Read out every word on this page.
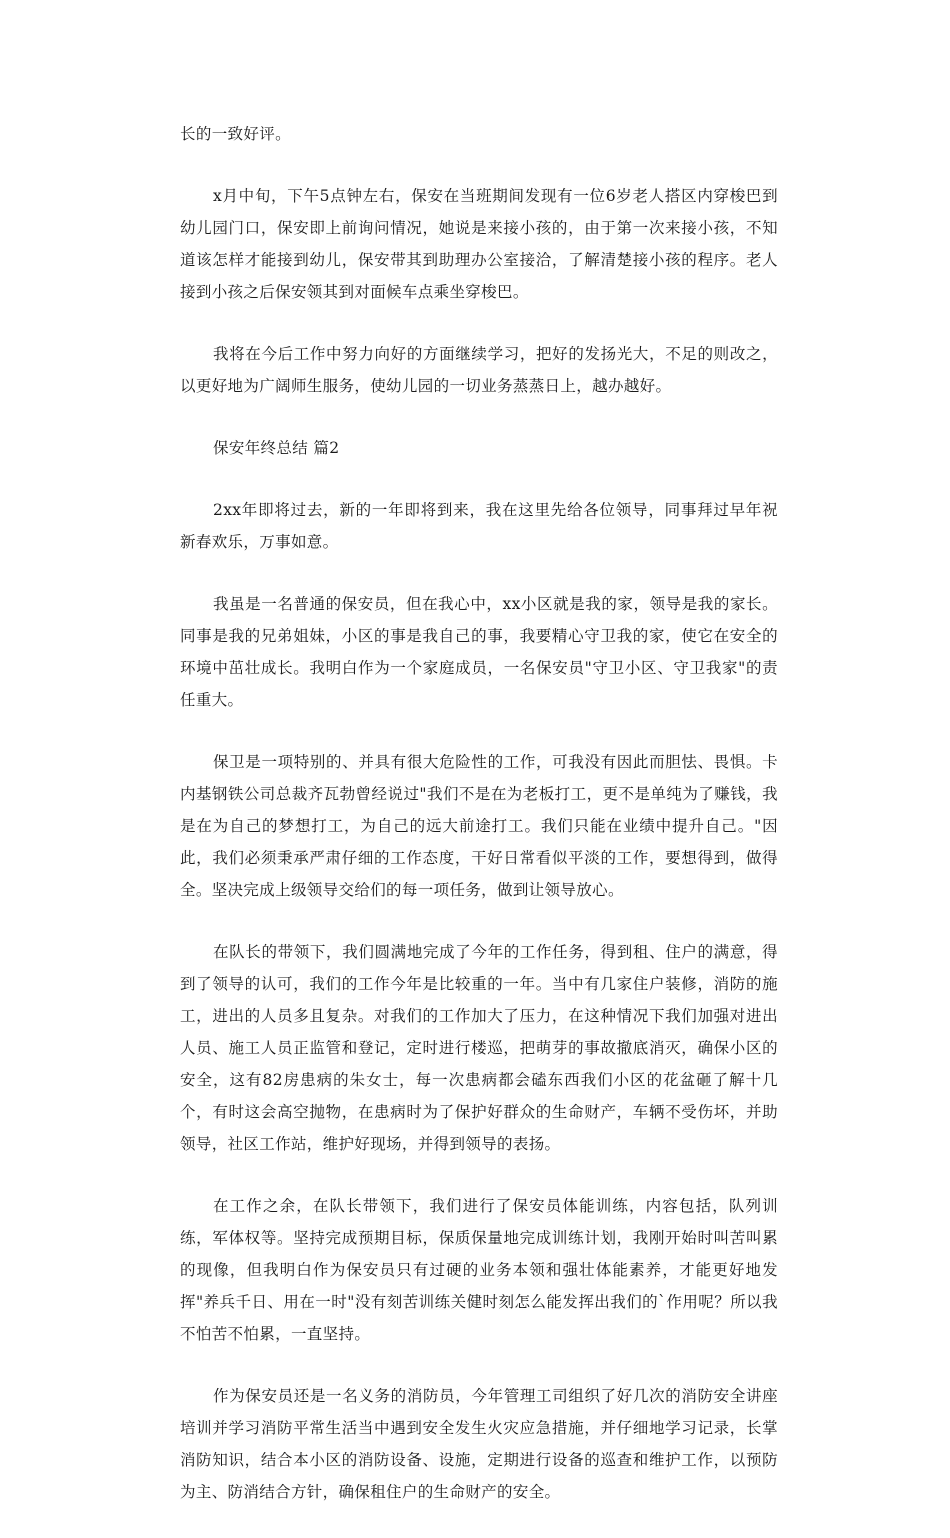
长的一致好评。

x月中旬，下午5点钟左右，保安在当班期间发现有一位6岁老人搭区内穿梭巴到幼儿园门口，保安即上前询问情况，她说是来接小孩的，由于第一次来接小孩，不知道该怎样才能接到幼儿，保安带其到助理办公室接洽，了解清楚接小孩的程序。老人接到小孩之后保安领其到对面候车点乘坐穿梭巴。

我将在今后工作中努力向好的方面继续学习，把好的发扬光大，不足的则改之，以更好地为广阔师生服务，使幼儿园的一切业务蒸蒸日上，越办越好。

保安年终总结 篇2

2xx年即将过去，新的一年即将到来，我在这里先给各位领导，同事拜过早年祝新春欢乐，万事如意。

我虽是一名普通的保安员，但在我心中，xx小区就是我的家，领导是我的家长。同事是我的兄弟姐妹，小区的事是我自己的事，我要精心守卫我的家，使它在安全的环境中茁壮成长。我明白作为一个家庭成员，一名保安员"守卫小区、守卫我家"的责任重大。

保卫是一项特别的、并具有很大危险性的工作，可我没有因此而胆怯、畏惧。卡内基钢铁公司总裁齐瓦勃曾经说过"我们不是在为老板打工，更不是单纯为了赚钱，我是在为自己的梦想打工，为自己的远大前途打工。我们只能在业绩中提升自己。"因此，我们必须秉承严肃仔细的工作态度，干好日常看似平淡的工作，要想得到，做得全。坚决完成上级领导交给们的每一项任务，做到让领导放心。

在队长的带领下，我们圆满地完成了今年的工作任务，得到租、住户的满意，得到了领导的认可，我们的工作今年是比较重的一年。当中有几家住户装修，消防的施工，进出的人员多且复杂。对我们的工作加大了压力，在这种情况下我们加强对进出人员、施工人员正监管和登记，定时进行楼巡，把萌芽的事故撤底消灭，确保小区的安全，这有82房患病的朱女士，每一次患病都会磕东西我们小区的花盆砸了解十几个，有时这会高空抛物，在患病时为了保护好群众的生命财产，车辆不受伤坏，并助领导，社区工作站，维护好现场，并得到领导的表扬。

在工作之余，在队长带领下，我们进行了保安员体能训练，内容包括，队列训练，军体权等。坚持完成预期目标，保质保量地完成训练计划，我刚开始时叫苦叫累的现像，但我明白作为保安员只有过硬的业务本领和强壮体能素养，才能更好地发挥"养兵千日、用在一时"没有刻苦训练关健时刻怎么能发挥出我们的`作用呢？所以我不怕苦不怕累，一直坚持。

作为保安员还是一名义务的消防员，今年管理工司组织了好几次的消防安全讲座培训并学习消防平常生活当中遇到安全发生火灾应急措施，并仔细地学习记录，长掌消防知识，结合本小区的消防设备、设施，定期进行设备的巡查和维护工作，以预防为主、防消结合方针，确保租住户的生命财产的安全。
